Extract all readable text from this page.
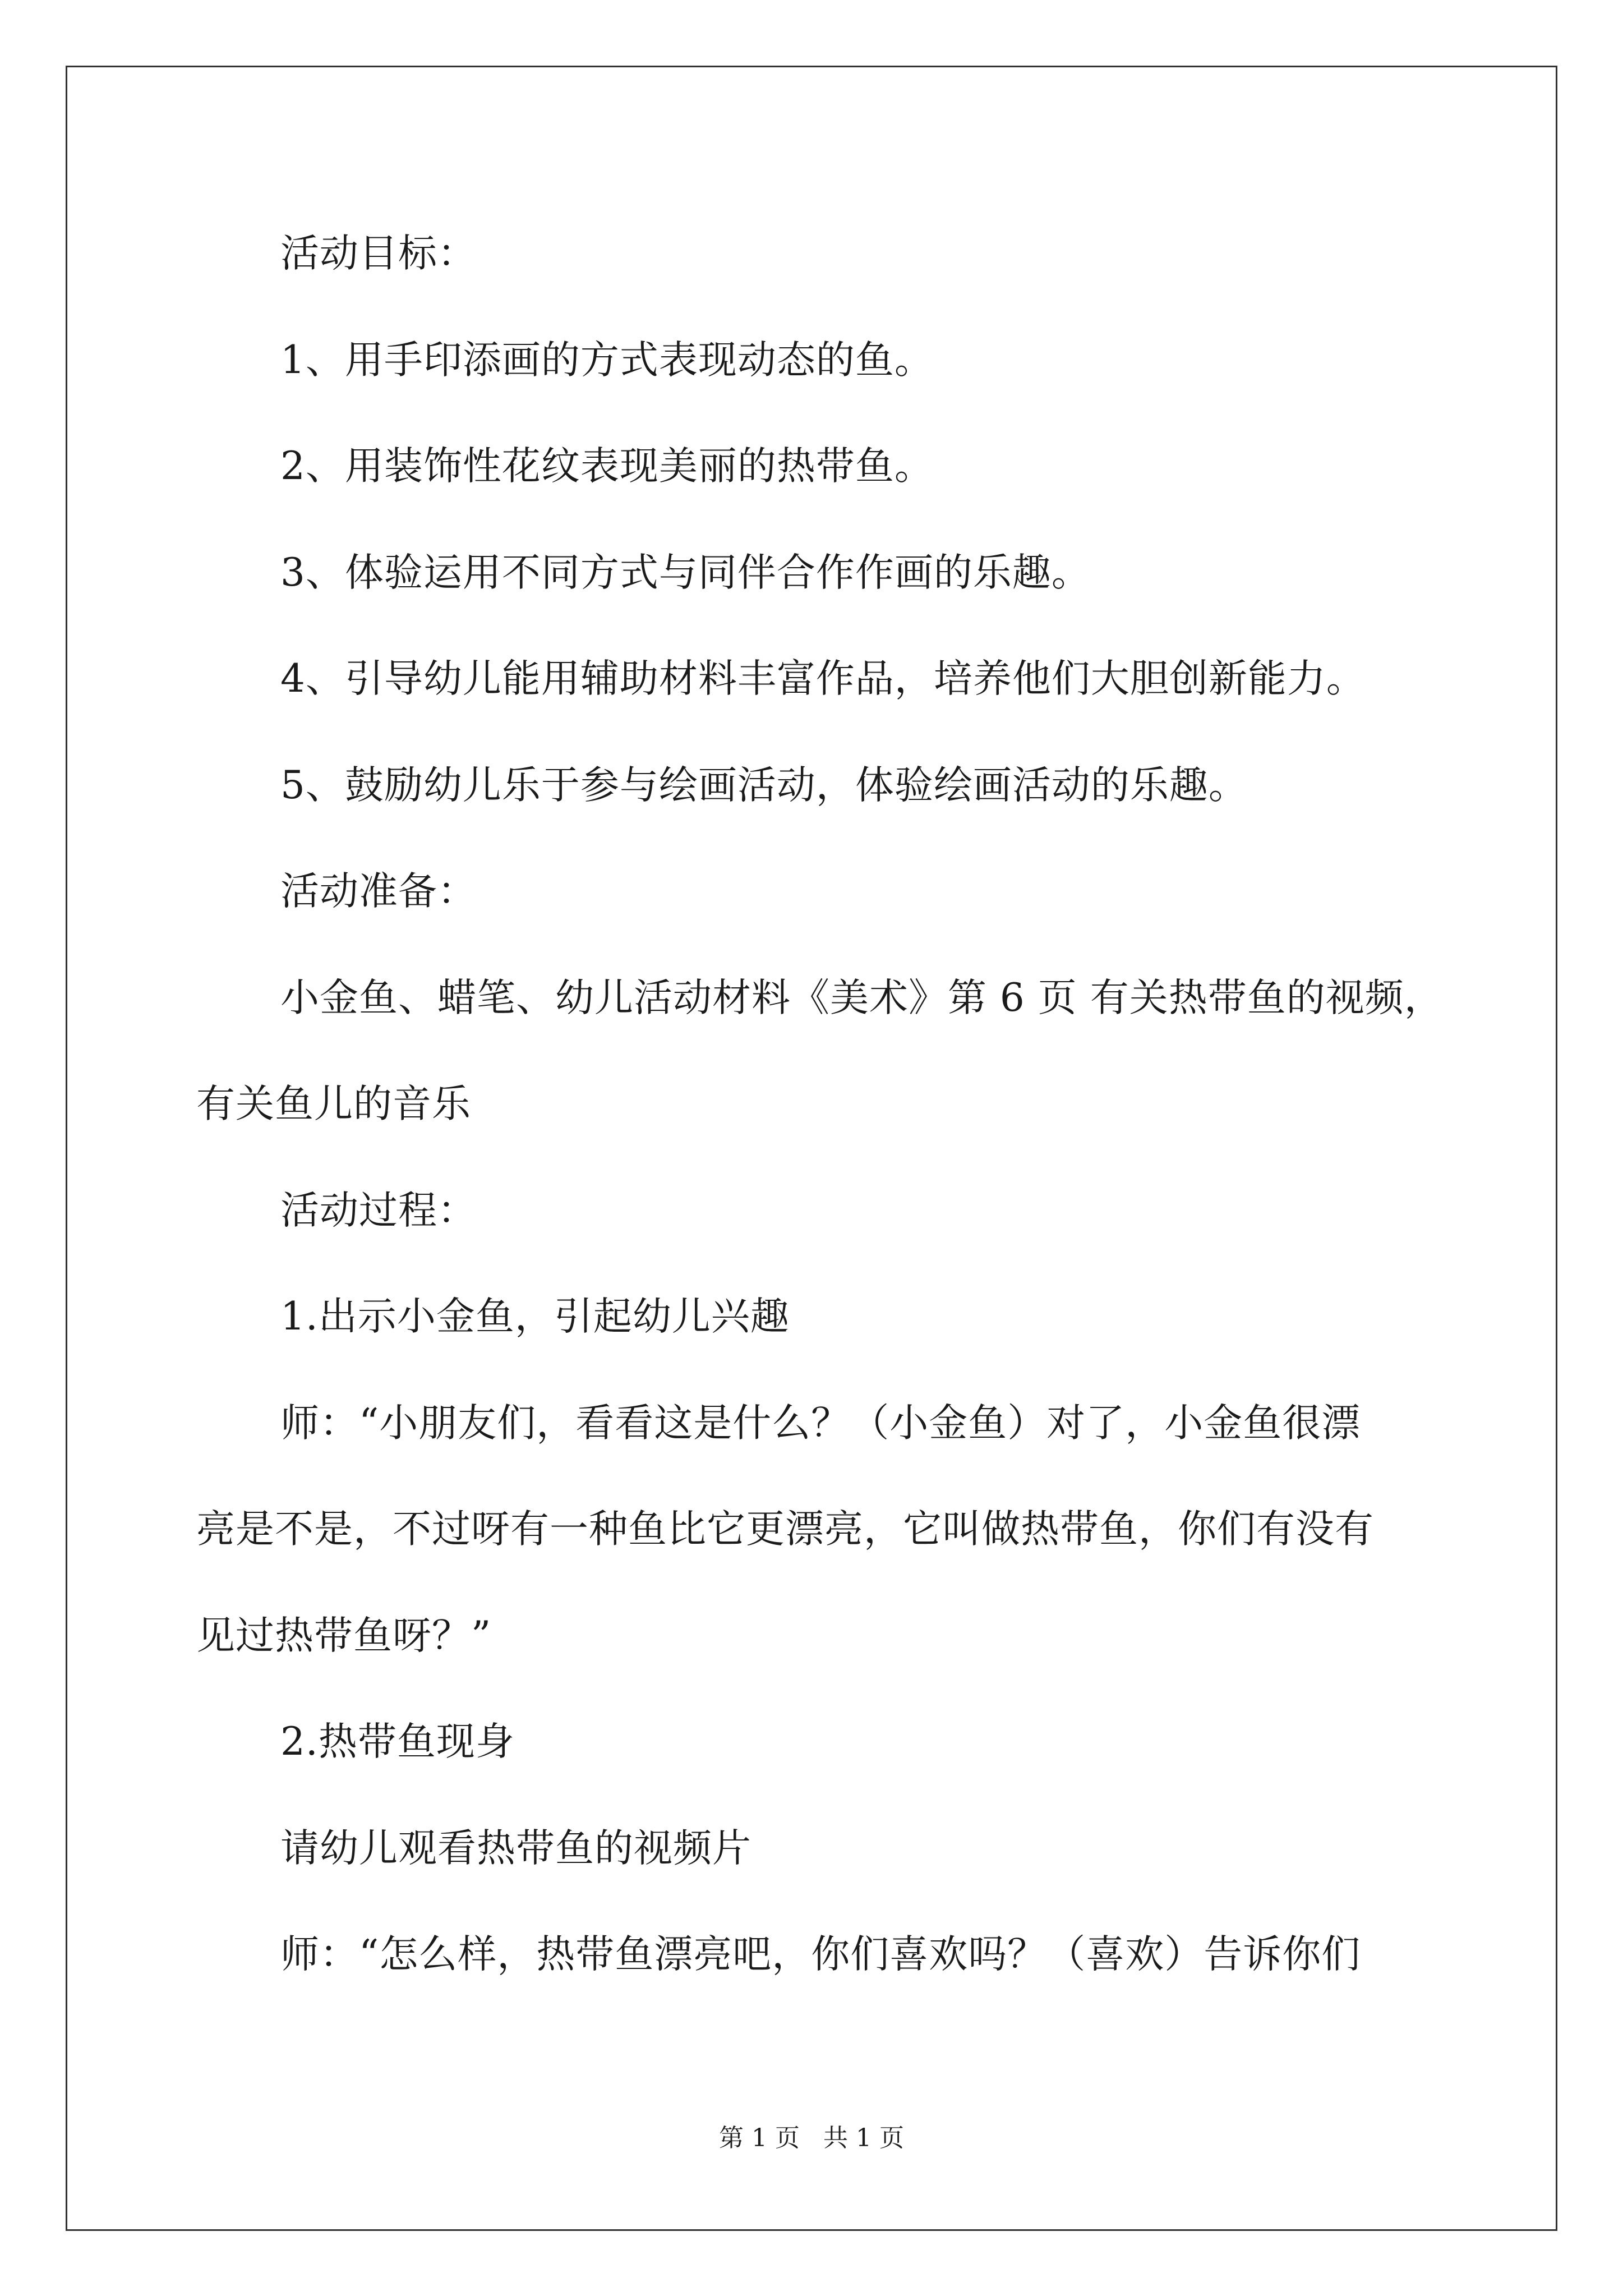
活动目标：
1、用手印添画的方式表现动态的鱼。
2、用装饰性花纹表现美丽的热带鱼。
3、体验运用不同方式与同伴合作作画的乐趣。
4、引导幼儿能用辅助材料丰富作品，培养他们大胆创新能力。
5、鼓励幼儿乐于参与绘画活动，体验绘画活动的乐趣。
活动准备：
小金鱼、蜡笔、幼儿活动材料《美术》第 6 页 有关热带鱼的视频，
有关鱼儿的音乐
活动过程：
1.出示小金鱼，引起幼儿兴趣
师：“小朋友们，看看这是什么？（小金鱼）对了，小金鱼很漂
亮是不是，不过呀有一种鱼比它更漂亮，它叫做热带鱼，你们有没有
见过热带鱼呀？”
2.热带鱼现身
请幼儿观看热带鱼的视频片
师：“怎么样，热带鱼漂亮吧，你们喜欢吗？（喜欢）告诉你们
第 1 页 共 1 页
